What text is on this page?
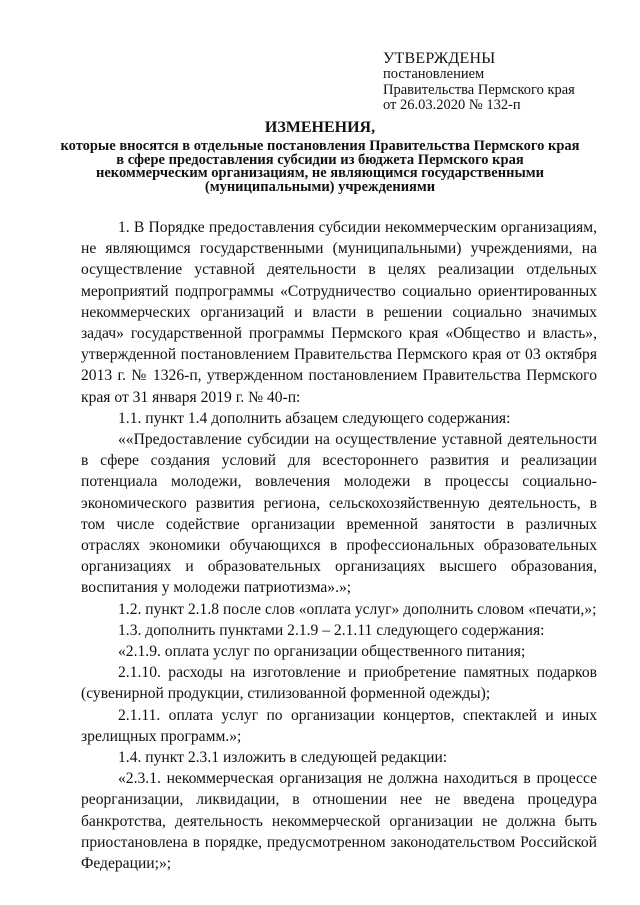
УТВЕРЖДЕНЫ
постановлением
Правительства Пермского края
от 26.03.2020 № 132-п
ИЗМЕНЕНИЯ,
которые вносятся в отдельные постановления Правительства Пермского края в сфере предоставления субсидии из бюджета Пермского края некоммерческим организациям, не являющимся государственными (муниципальными) учреждениями

1. В Порядке предоставления субсидии некоммерческим организациям, не являющимся государственными (муниципальными) учреждениями, на осуществление уставной деятельности в целях реализации отдельных мероприятий подпрограммы «Сотрудничество социально ориентированных некоммерческих организаций и власти в решении социально значимых задач» государственной программы Пермского края «Общество и власть», утвержденной постановлением Правительства Пермского края от 03 октября 2013 г. № 1326-п, утвержденном постановлением Правительства Пермского края от 31 января 2019 г. № 40-п:

1.1. пункт 1.4 дополнить абзацем следующего содержания:

««Предоставление субсидии на осуществление уставной деятельности в сфере создания условий для всестороннего развития и реализации потенциала молодежи, вовлечения молодежи в процессы социально-экономического развития региона, сельскохозяйственную деятельность, в том числе содействие организации временной занятости в различных отраслях экономики обучающихся в профессиональных образовательных организациях и образовательных организациях высшего образования, воспитания у молодежи патриотизма».»;

1.2. пункт 2.1.8 после слов «оплата услуг» дополнить словом «печати,»;

1.3. дополнить пунктами 2.1.9 – 2.1.11 следующего содержания:

«2.1.9. оплата услуг по организации общественного питания;

2.1.10. расходы на изготовление и приобретение памятных подарков (сувенирной продукции, стилизованной форменной одежды);

2.1.11. оплата услуг по организации концертов, спектаклей и иных зрелищных программ.»;

1.4. пункт 2.3.1 изложить в следующей редакции:

«2.3.1. некоммерческая организация не должна находиться в процессе реорганизации, ликвидации, в отношении нее не введена процедура банкротства, деятельность некоммерческой организации не должна быть приостановлена в порядке, предусмотренном законодательством Российской Федерации;»;
